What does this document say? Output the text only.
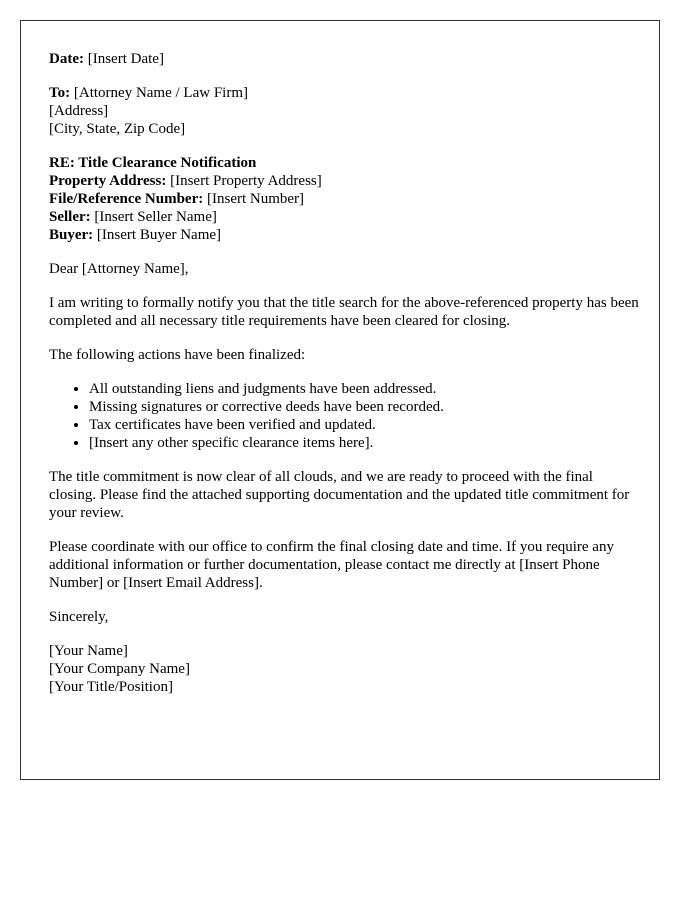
Date: [Insert Date]

To: [Attorney Name / Law Firm]
[Address]
[City, State, Zip Code]

RE: Title Clearance Notification
Property Address: [Insert Property Address]
File/Reference Number: [Insert Number]
Seller: [Insert Seller Name]
Buyer: [Insert Buyer Name]

Dear [Attorney Name],

I am writing to formally notify you that the title search for the above-referenced property has been completed and all necessary title requirements have been cleared for closing.

The following actions have been finalized:

• All outstanding liens and judgments have been addressed.
• Missing signatures or corrective deeds have been recorded.
• Tax certificates have been verified and updated.
• [Insert any other specific clearance items here].

The title commitment is now clear of all clouds, and we are ready to proceed with the final closing. Please find the attached supporting documentation and the updated title commitment for your review.

Please coordinate with our office to confirm the final closing date and time. If you require any additional information or further documentation, please contact me directly at [Insert Phone Number] or [Insert Email Address].

Sincerely,

[Your Name]
[Your Company Name]
[Your Title/Position]
